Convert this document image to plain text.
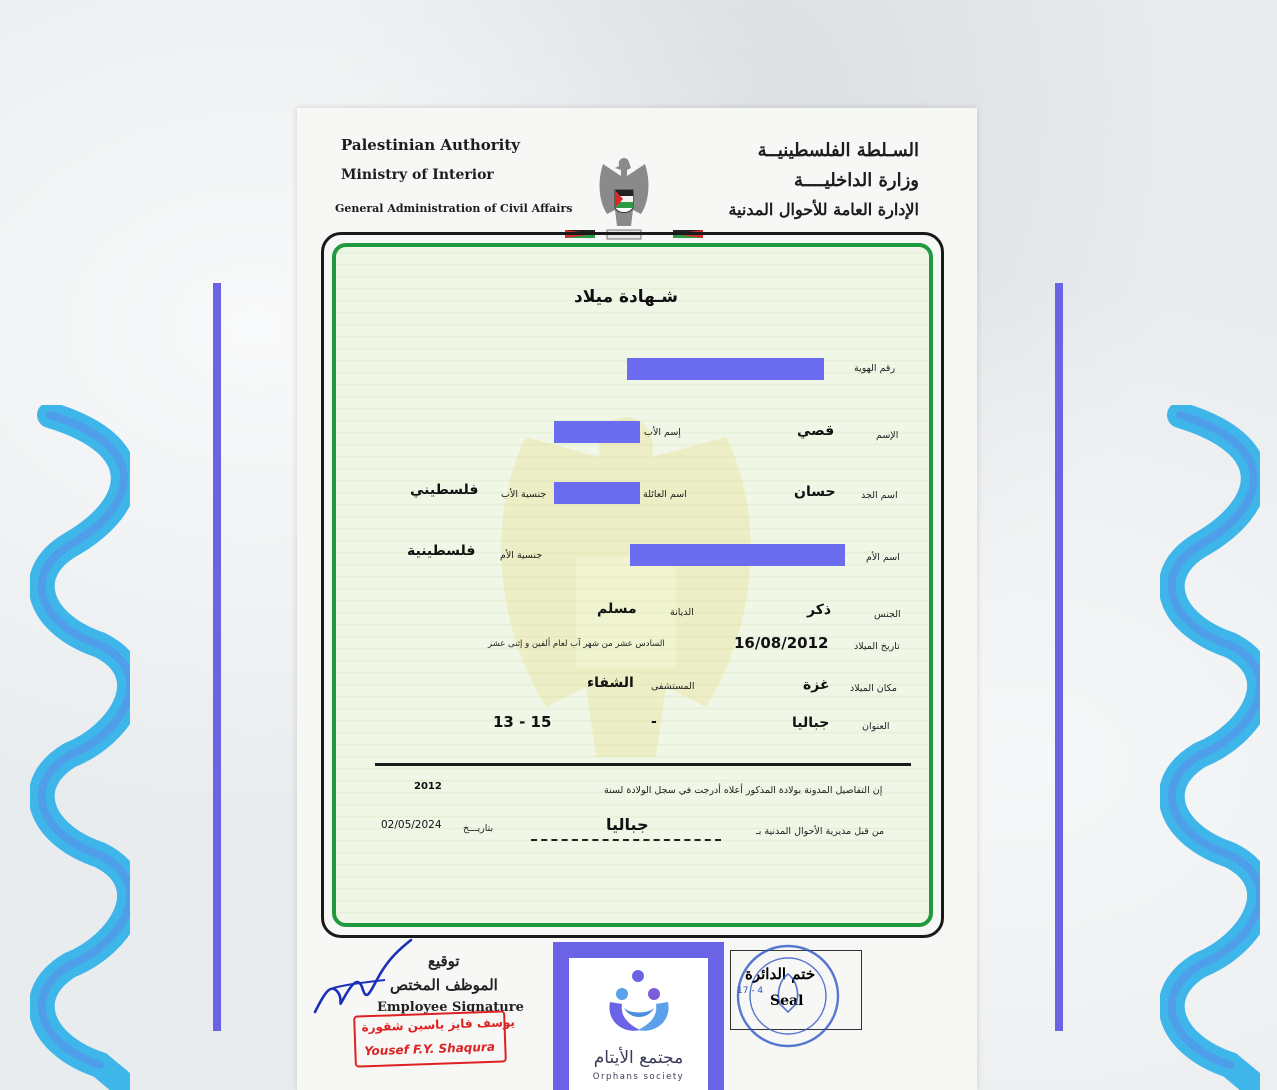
Palestinian Authority
Ministry of Interior
General Administration of Civil Affairs
السـلطة الفلسطينيــة
وزارة الداخليــــة
الإدارة العامة للأحوال المدنية
شـهادة ميلاد
رقم الهوية
الإسم
قصي
إسم الأب
اسم الجد
حسان
اسم العائلة
جنسية الأب
فلسطيني
اسم الأم
جنسية الأم
فلسطينية
الجنس
ذكر
الديانة
مسلم
تاريخ الميلاد
16/08/2012
السادس عشر من شهر آب لعام ألفين و إثنى عشر
مكان الميلاد
غزة
المستشفى
الشفاء
العنوان
جباليا
-
15 - 13
2012	إن التفاصيل المدونة بولادة المذكور أعلاه أدرجت في سجل الولادة لسنة
من قبل مديرية الأحوال المدنية بـ
جباليا
بتاريـــخ
02/05/2024
توقيع
الموظف المختص
Employee Signature
يوسف فايز ياسين شقورة
Yousef F.Y. Shaqura
ختم الدائرة
Seal
17 - 4
مجتمع الأيتام
Orphans society
